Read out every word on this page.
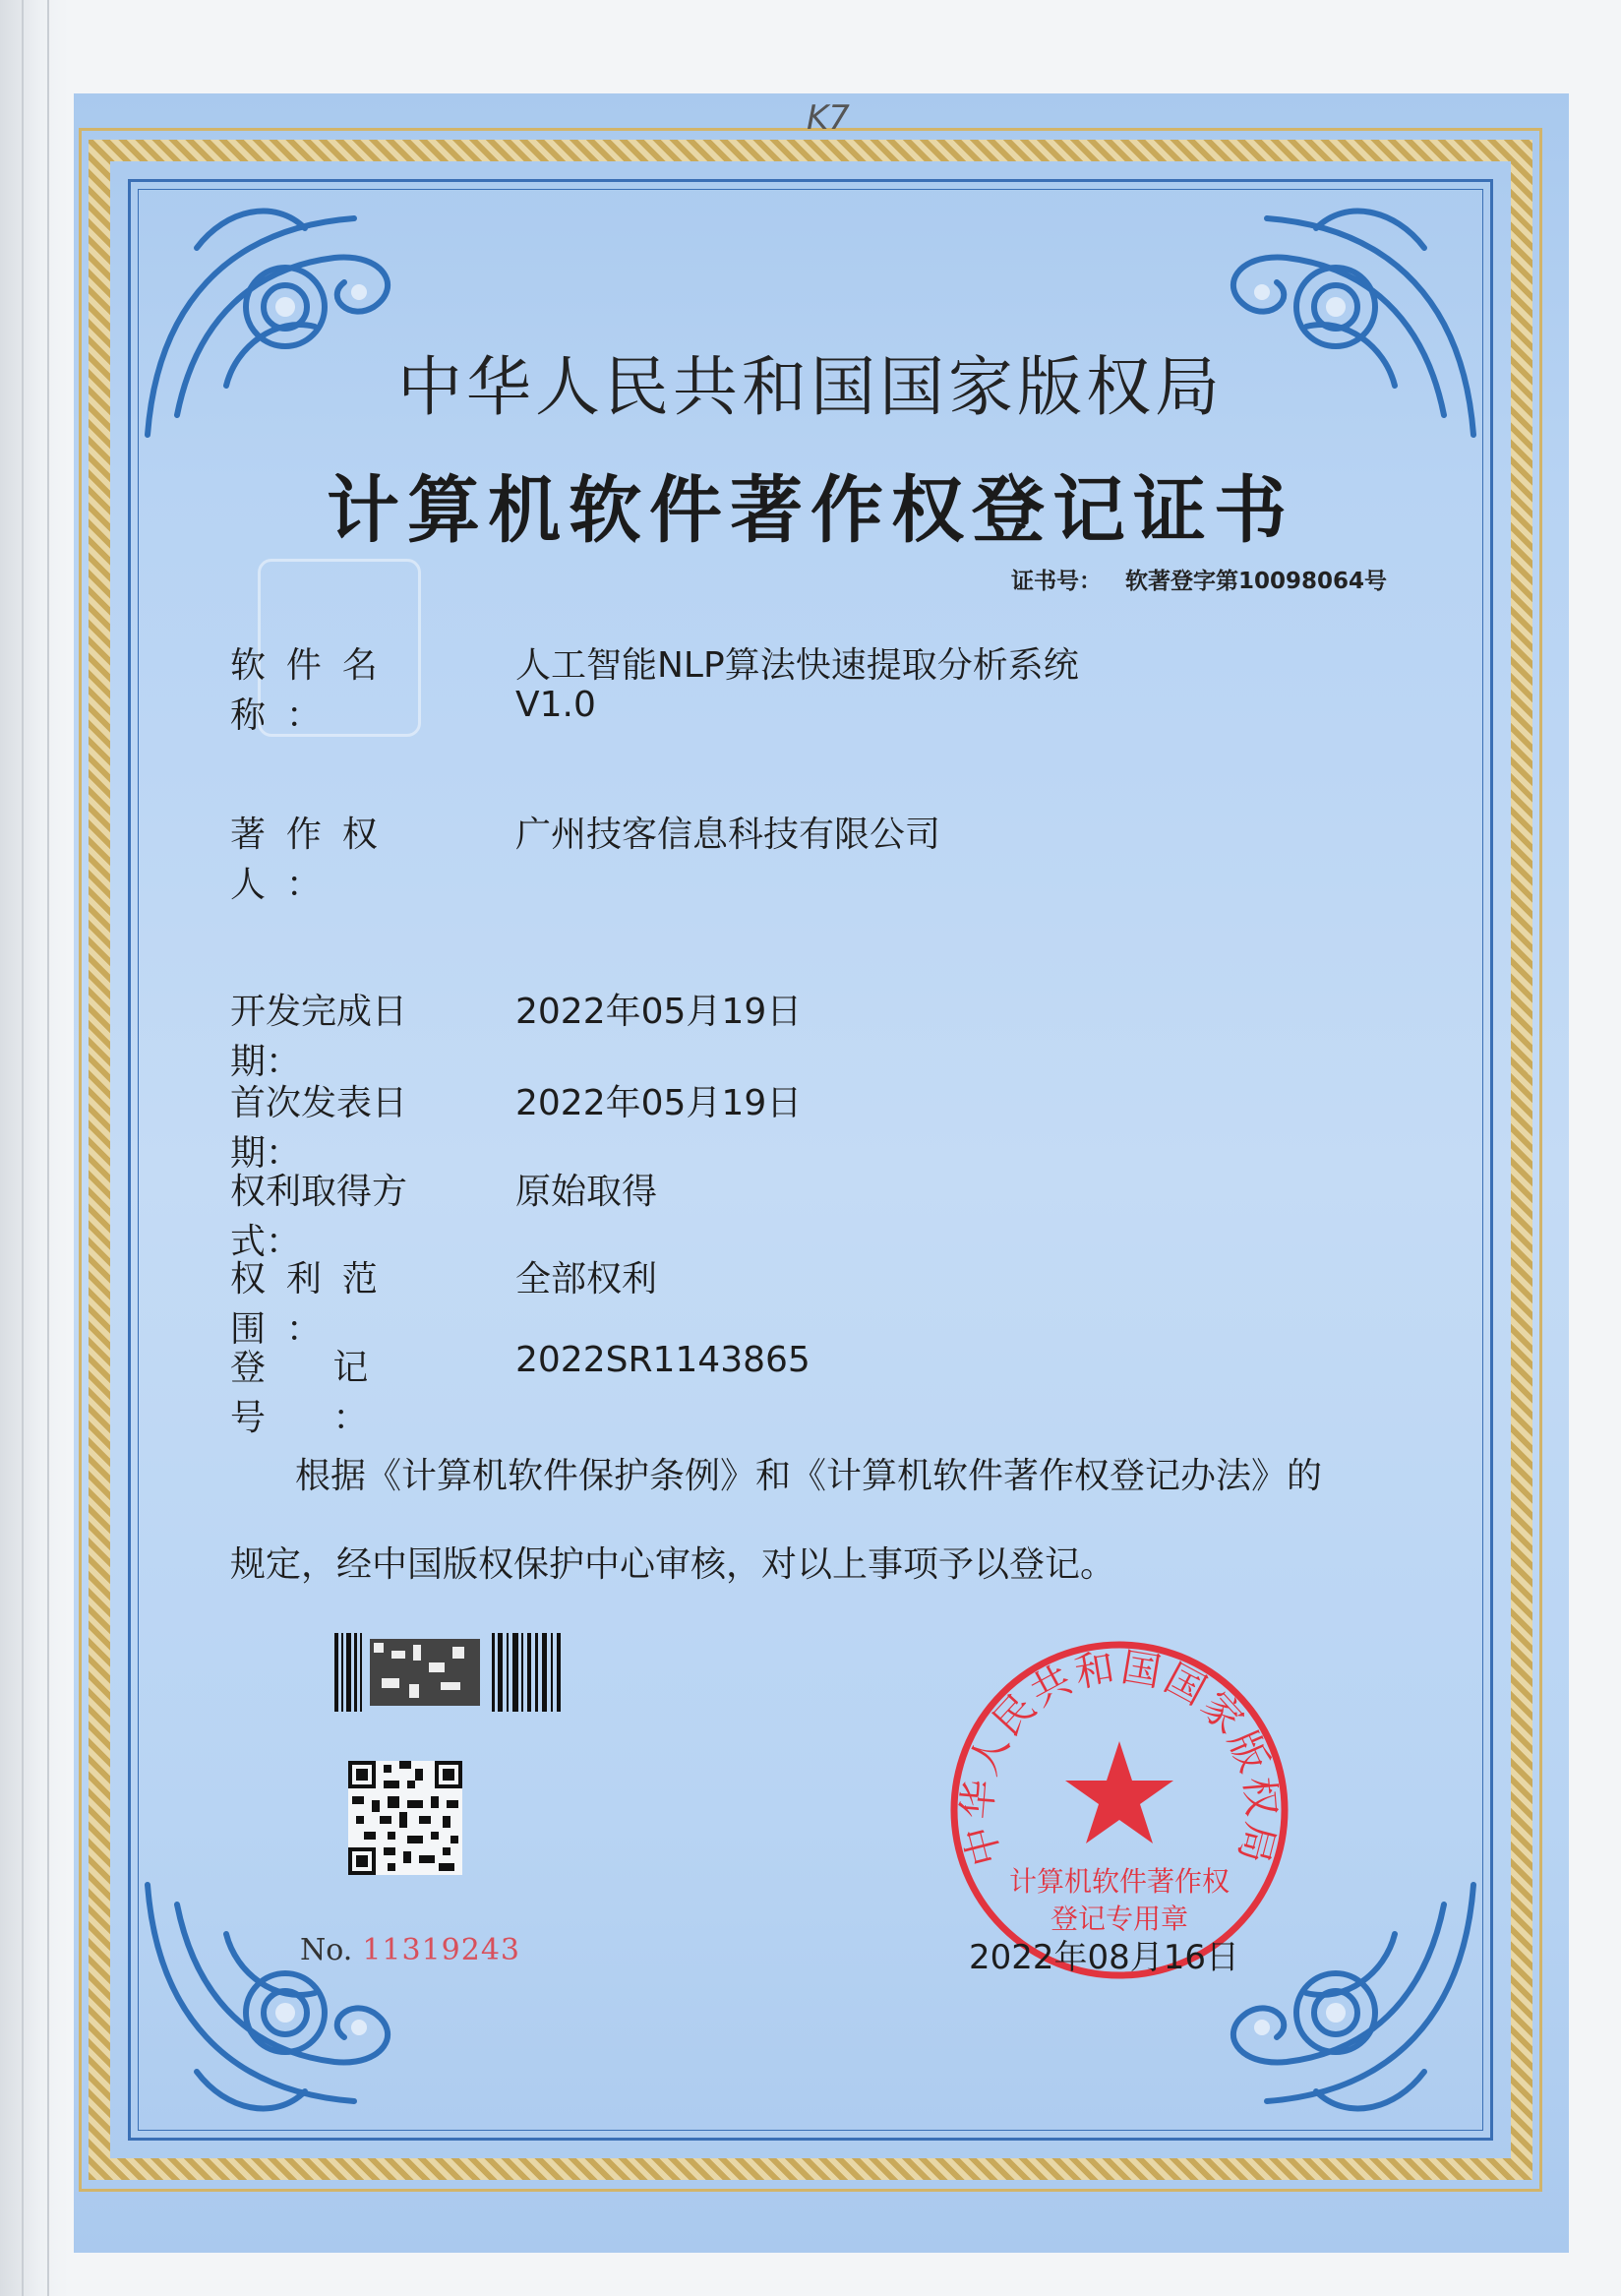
K7
中华人民共和国国家版权局
计算机软件著作权登记证书
证书号： 软著登字第10098064号
软件名称：
人工智能NLP算法快速提取分析系统
V1.0
著作权人：
广州技客信息科技有限公司
开发完成日期：
2022年05月19日
首次发表日期：
2022年05月19日
权利取得方式：
原始取得
权利范围：
全部权利
登记号：
2022SR1143865
根据《计算机软件保护条例》和《计算机软件著作权登记办法》的
规定，经中国版权保护中心审核，对以上事项予以登记。
No. 11319243
中华人民共和国国家版权局
计算机软件著作权
登记专用章
2022年08月16日
